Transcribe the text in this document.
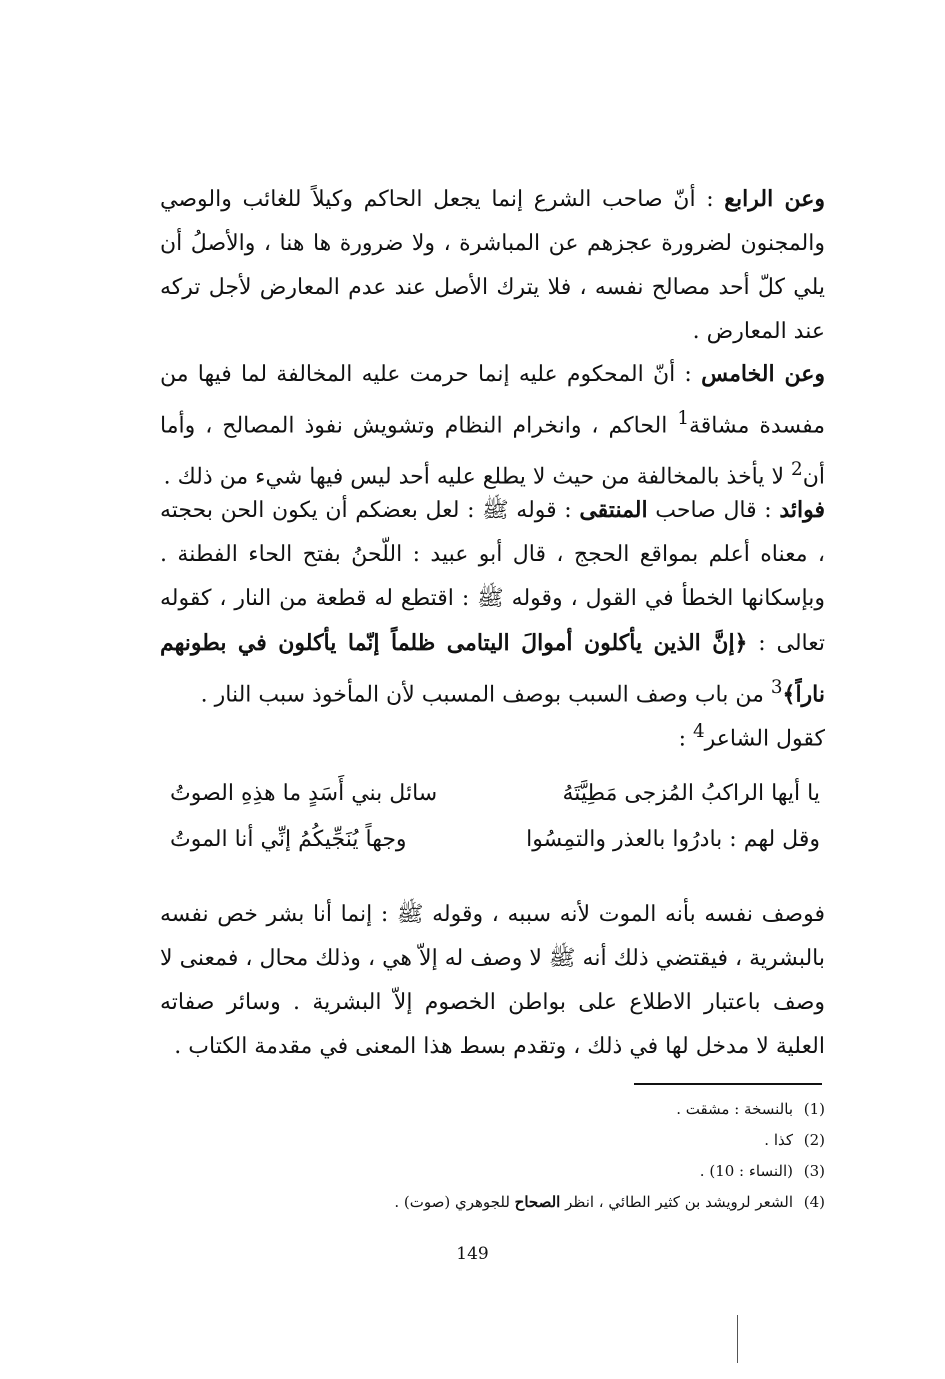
وعن الرابع : أنّ صاحب الشرع إنما يجعل الحاكم وكيلاً للغائب والوصي والمجنون لضرورة عجزهم عن المباشرة ، ولا ضرورة ها هنا ، والأصلُ أن يلي كلّ أحد مصالح نفسه ، فلا يترك الأصل عند عدم المعارض لأجل تركه عند المعارض .

وعن الخامس : أنّ المحكوم عليه إنما حرمت عليه المخالفة لما فيها من مفسدة مشاقة$^1$ الحاكم ، وانخرام النظام وتشويش نفوذ المصالح ، وأما أن$^2$ لا يأخذ بالمخالفة من حيث لا يطلع عليه أحد ليس فيها شيء من ذلك .

فوائد : قال صاحب المنتقى : قوله ﷺ : لعل بعضكم أن يكون الحن بحجته ، معناه أعلم بمواقع الحجج ، قال أبو عبيد : اللّحنُ بفتح الحاء الفطنة . وبإسكانها الخطأ في القول ، وقوله ﷺ : اقتطع له قطعة من النار ، كقوله تعالى : ﴿إنَّ الذين يأكلون أموالَ اليتامى ظلماً إنّما يأكلون في بطونهم ناراً﴾$^3$ من باب وصف السبب بوصف المسبب لأن المأخوذ سبب النار .

كقول الشاعر$^4$ :

يا أيها الراكبُ المُزجى مَطِيَّتَهُ
سائل بني أَسَدٍ ما هذِهِ الصوتُ
وقل لهم : بادرُوا بالعذر والتمِسُوا
وجهاً يُنَجِّيكُمُ إنِّي أنا الموتُ

فوصف نفسه بأنه الموت لأنه سببه ، وقوله ﷺ : إنما أنا بشر خص نفسه بالبشرية ، فيقتضي ذلك أنه ﷺ لا وصف له إلاّ هي ، وذلك محال ، فمعنى لا وصف باعتبار الاطلاع على بواطن الخصوم إلاّ البشرية . وسائر صفاته العلية لا مدخل لها في ذلك ، وتقدم بسط هذا المعنى في مقدمة الكتاب .

(1)
بالنسخة : مشقت .
(2)
كذا .
(3)
(النساء : 10) .
(4)
الشعر لرويشد بن كثير الطائي ، انظر الصحاح للجوهري (صوت) .
149
